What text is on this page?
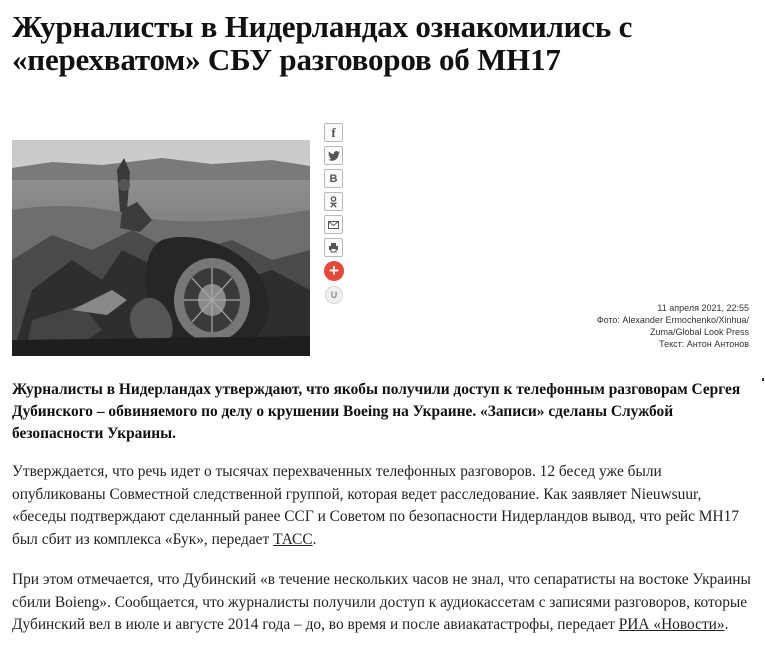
Журналисты в Нидерландах ознакомились с «перехватом» СБУ разговоров об МН17
f
В
+
U
11 апреля 2021, 22:55
Фото: Alexander Ermochenko/Xinhua/
Zuma/Global Look Press
Текст: Антон Антонов

Журналисты в Нидерландах утверждают, что якобы получили доступ к телефонным разговорам Сергея Дубинского – обвиняемого по делу о крушении Boeing на Украине. «Записи» сделаны Службой безопасности Украины.

Утверждается, что речь идет о тысячах перехваченных телефонных разговоров. 12 бесед уже были опубликованы Совместной следственной группой, которая ведет расследование. Как заявляет Nieuwsuur, «беседы подтверждают сделанный ранее ССГ и Советом по безопасности Нидерландов вывод, что рейс МН17 был сбит из комплекса «Бук», передает ТАСС.

При этом отмечается, что Дубинский «в течение нескольких часов не знал, что сепаратисты на востоке Украины сбили Boieng». Сообщается, что журналисты получили доступ к аудиокассетам с записями разговоров, которые Дубинский вел в июле и августе 2014 года – до, во время и после авиакатастрофы, передает РИА «Новости».
